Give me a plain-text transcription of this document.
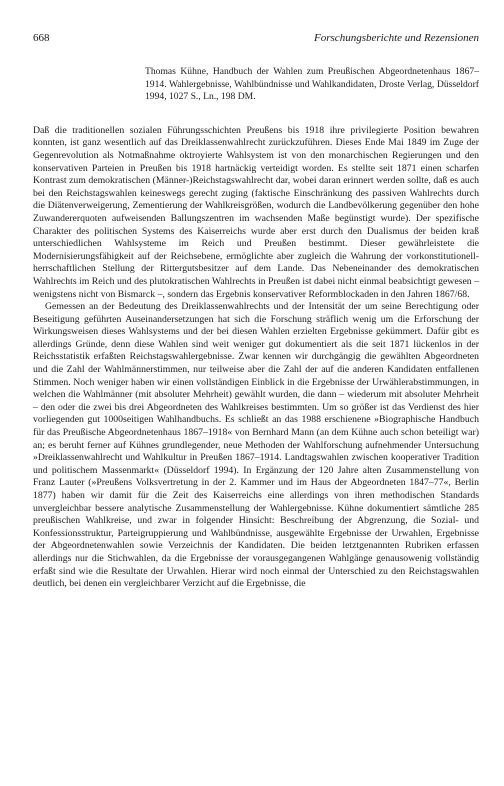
668	Forschungsberichte und Rezensionen
Thomas Kühne, Handbuch der Wahlen zum Preußischen Abgeordnetenhaus 1867–1914. Wahlergebnisse, Wahlbündnisse und Wahlkandidaten, Droste Verlag, Düsseldorf 1994, 1027 S., Ln., 198 DM.

Daß die traditionellen sozialen Führungsschichten Preußens bis 1918 ihre privilegierte Position bewahren konnten, ist ganz wesentlich auf das Dreiklassenwahlrecht zurückzuführen. Dieses Ende Mai 1849 im Zuge der Gegenrevolution als Notmaßnahme oktroyierte Wahlsystem ist von den monarchischen Regierungen und den konservativen Parteien in Preußen bis 1918 hartnäckig verteidigt worden. Es stellte seit 1871 einen scharfen Kontrast zum demokratischen (Männer-)Reichstagswahlrecht dar, wobei daran erinnert werden sollte, daß es auch bei den Reichstagswahlen keineswegs gerecht zuging (faktische Einschränkung des passiven Wahlrechts durch die Diätenverweigerung, Zementierung der Wahlkreisgrößen, wodurch die Landbevölkerung gegenüber den hohe Zuwandererquoten aufweisenden Ballungszentren im wachsenden Maße begünstigt wurde). Der spezifische Charakter des politischen Systems des Kaiserreichs wurde aber erst durch den Dualismus der beiden kraß unterschiedlichen Wahlsysteme im Reich und Preußen bestimmt. Dieser gewährleistete die Modernisierungsfähigkeit auf der Reichsebene, ermöglichte aber zugleich die Wahrung der vorkonstitutionell-herrschaftlichen Stellung der Rittergutsbesitzer auf dem Lande. Das Nebeneinander des demokratischen Wahlrechts im Reich und des plutokratischen Wahlrechts in Preußen ist dabei nicht einmal beabsichtigt gewesen – wenigstens nicht von Bismarck –, sondern das Ergebnis konservativer Reformblockaden in den Jahren 1867/68.

Gemessen an der Bedeutung des Dreiklassenwahlrechts und der Intensität der um seine Berechtigung oder Beseitigung geführten Auseinandersetzungen hat sich die Forschung sträflich wenig um die Erforschung der Wirkungsweisen dieses Wahlsystems und der bei diesen Wahlen erzielten Ergebnisse gekümmert. Dafür gibt es allerdings Gründe, denn diese Wahlen sind weit weniger gut dokumentiert als die seit 1871 lückenlos in der Reichsstatistik erfaßten Reichstagswahlergebnisse. Zwar kennen wir durchgängig die gewählten Abgeordneten und die Zahl der Wahlmännerstimmen, nur teilweise aber die Zahl der auf die anderen Kandidaten entfallenen Stimmen. Noch weniger haben wir einen vollständigen Einblick in die Ergebnisse der Urwählerabstimmungen, in welchen die Wahlmänner (mit absoluter Mehrheit) gewählt wurden, die dann – wiederum mit absoluter Mehrheit – den oder die zwei bis drei Abgeordneten des Wahlkreises bestimmten. Um so größer ist das Verdienst des hier vorliegenden gut 1000seitigen Wahlhandbuchs. Es schließt an das 1988 erschienene »Biographische Handbuch für das Preußische Abgeordnetenhaus 1867–1918« von Bernhard Mann (an dem Kühne auch schon beteiligt war) an; es beruht ferner auf Kühnes grundlegender, neue Methoden der Wahlforschung aufnehmender Untersuchung »Dreiklassenwahlrecht und Wahlkultur in Preußen 1867–1914. Landtagswahlen zwischen kooperativer Tradition und politischem Massenmarkt« (Düsseldorf 1994). In Ergänzung der 120 Jahre alten Zusammenstellung von Franz Lauter (»Preußens Volksvertretung in der 2. Kammer und im Haus der Abgeordneten 1847–77«, Berlin 1877) haben wir damit für die Zeit des Kaiserreichs eine allerdings von ihren methodischen Standards unvergleichbar bessere analytische Zusammenstellung der Wahlergebnisse. Kühne dokumentiert sämtliche 285 preußischen Wahlkreise, und zwar in folgender Hinsicht: Beschreibung der Abgrenzung, die Sozial- und Konfessionsstruktur, Parteigruppierung und Wahlbündnisse, ausgewählte Ergebnisse der Urwahlen, Ergebnisse der Abgeordnetenwahlen sowie Verzeichnis der Kandidaten. Die beiden letztgenannten Rubriken erfassen allerdings nur die Stichwahlen, da die Ergebnisse der vorausgegangenen Wahlgänge genausowenig vollständig erfaßt sind wie die Resultate der Urwahlen. Hierar wird noch einmal der Unterschied zu den Reichstagswahlen deutlich, bei denen ein vergleichbarer Verzicht auf die Ergebnisse, die
